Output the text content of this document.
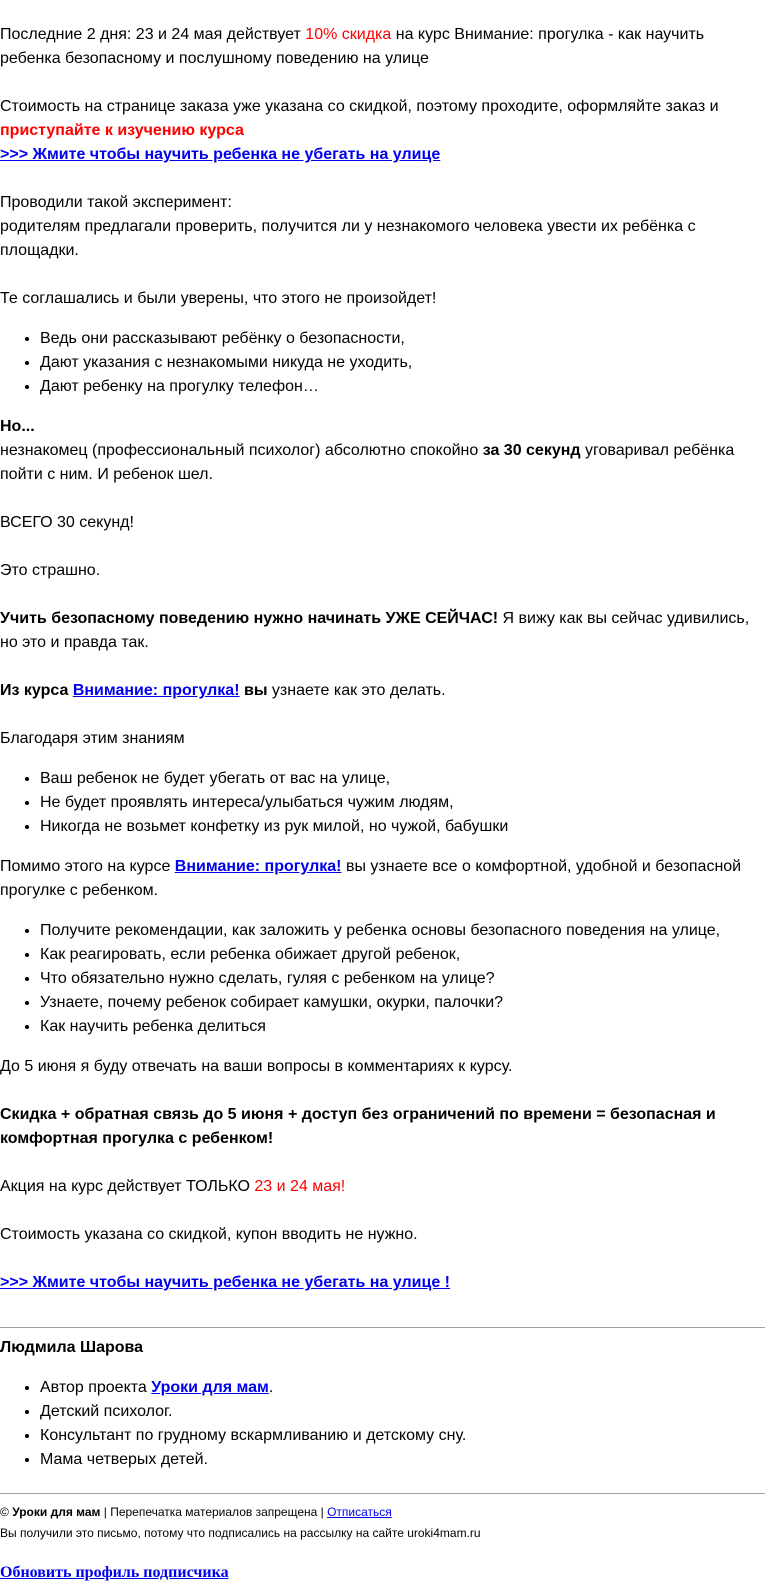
Последние 2 дня: 23 и 24 мая действует 10% скидка на курс Внимание: прогулка - как научить ребенка безопасному и послушному поведению на улице

Стоимость на странице заказа уже указана со скидкой, поэтому проходите, оформляйте заказ и приступайте к изучению курса

>>> Жмите чтобы научить ребенка не убегать на улице

Проводили такой эксперимент:

родителям предлагали проверить, получится ли у незнакомого человека увести их ребёнка с площадки.

Те соглашались и были уверены, что этого не произойдет!

• Ведь они рассказывают ребёнку о безопасности,
• Дают указания с незнакомыми никуда не уходить,
• Дают ребенку на прогулку телефон…

Но...

незнакомец (профессиональный психолог) абсолютно спокойно за 30 секунд уговаривал ребёнка пойти с ним. И ребенок шел.

ВСЕГО 30 секунд!

Это страшно.

Учить безопасному поведению нужно начинать УЖЕ СЕЙЧАС! Я вижу как вы сейчас удивились, но это и правда так.

Из курса Внимание: прогулка! вы узнаете как это делать.

Благодаря этим знаниям

• Ваш ребенок не будет убегать от вас на улице,
• Не будет проявлять интереса/улыбаться чужим людям,
• Никогда не возьмет конфетку из рук милой, но чужой, бабушки

Помимо этого на курсе Внимание: прогулка! вы узнаете все о комфортной, удобной и безопасной прогулке с ребенком.

• Получите рекомендации, как заложить у ребенка основы безопасного поведения на улице,
• Как реагировать, если ребенка обижает другой ребенок,
• Что обязательно нужно сделать, гуляя с ребенком на улице?
• Узнаете, почему ребенок собирает камушки, окурки, палочки?
• Как научить ребенка делиться

До 5 июня я буду отвечать на ваши вопросы в комментариях к курсу.

Скидка + обратная связь до 5 июня + доступ без ограничений по времени = безопасная и комфортная прогулка с ребенком!

Акция на курс действует ТОЛЬКО 23 и 24 мая!

Стоимость указана со скидкой, купон вводить не нужно.

>>> Жмите чтобы научить ребенка не убегать на улице !

Людмила Шарова

• Автор проекта Уроки для мам.
• Детский психолог.
• Консультант по грудному вскармливанию и детскому сну.
• Мама четверых детей.

© Уроки для мам | Перепечатка материалов запрещена | Отписаться

Вы получили это письмо, потому что подписались на рассылку на сайте uroki4mam.ru

Обновить профиль подписчика
